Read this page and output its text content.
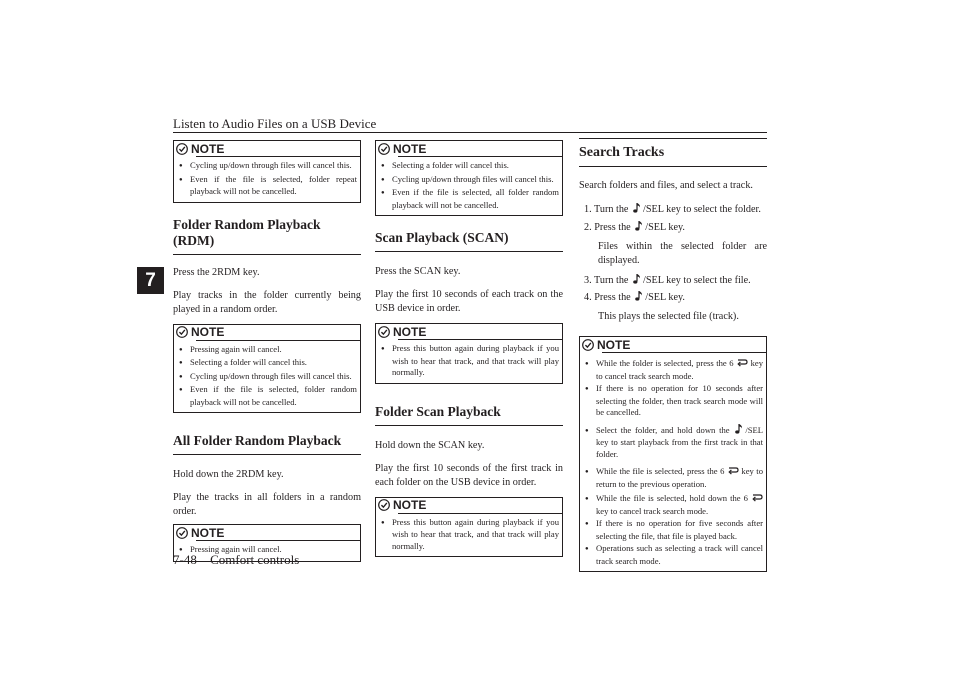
Listen to Audio Files on a USB Device
7
NOTE
● Cycling up/down through files will cancel this.
● Even if the file is selected, folder repeat playback will not be cancelled.
Folder Random Playback (RDM)

Press the 2RDM key.

Play tracks in the folder currently being played in a random order.

NOTE
● Pressing again will cancel.
● Selecting a folder will cancel this.
● Cycling up/down through files will cancel this.
● Even if the file is selected, folder random playback will not be cancelled.
All Folder Random Playback

Hold down the 2RDM key.

Play the tracks in all folders in a random order.

NOTE
● Pressing again will cancel.
NOTE
● Selecting a folder will cancel this.
● Cycling up/down through files will cancel this.
● Even if the file is selected, all folder random playback will not be cancelled.
Scan Playback (SCAN)

Press the SCAN key.

Play the first 10 seconds of each track on the USB device in order.

NOTE
● Press this button again during playback if you wish to hear that track, and that track will play normally.
Folder Scan Playback

Hold down the SCAN key.

Play the first 10 seconds of the first track in each folder on the USB device in order.

NOTE
● Press this button again during playback if you wish to hear that track, and that track will play normally.
Search Tracks

Search folders and files, and select a track.

1. Turn the /SEL key to select the folder.
2. Press the /SEL key.
Files within the selected folder are displayed.
3. Turn the /SEL key to select the file.
4. Press the /SEL key.
This plays the selected file (track).
NOTE
● While the folder is selected, press the 6 key to cancel track search mode.
● If there is no operation for 10 seconds after selecting the folder, then track search mode will be cancelled.
● Select the folder, and hold down the /SEL key to start playback from the first track in that folder.
● While the file is selected, press the 6 key to return to the previous operation.
● While the file is selected, hold down the 6  key to cancel track search mode.
● If there is no operation for five seconds after selecting the file, that file is played back.
● Operations such as selecting a track will cancel track search mode.
7-48 Comfort controls
